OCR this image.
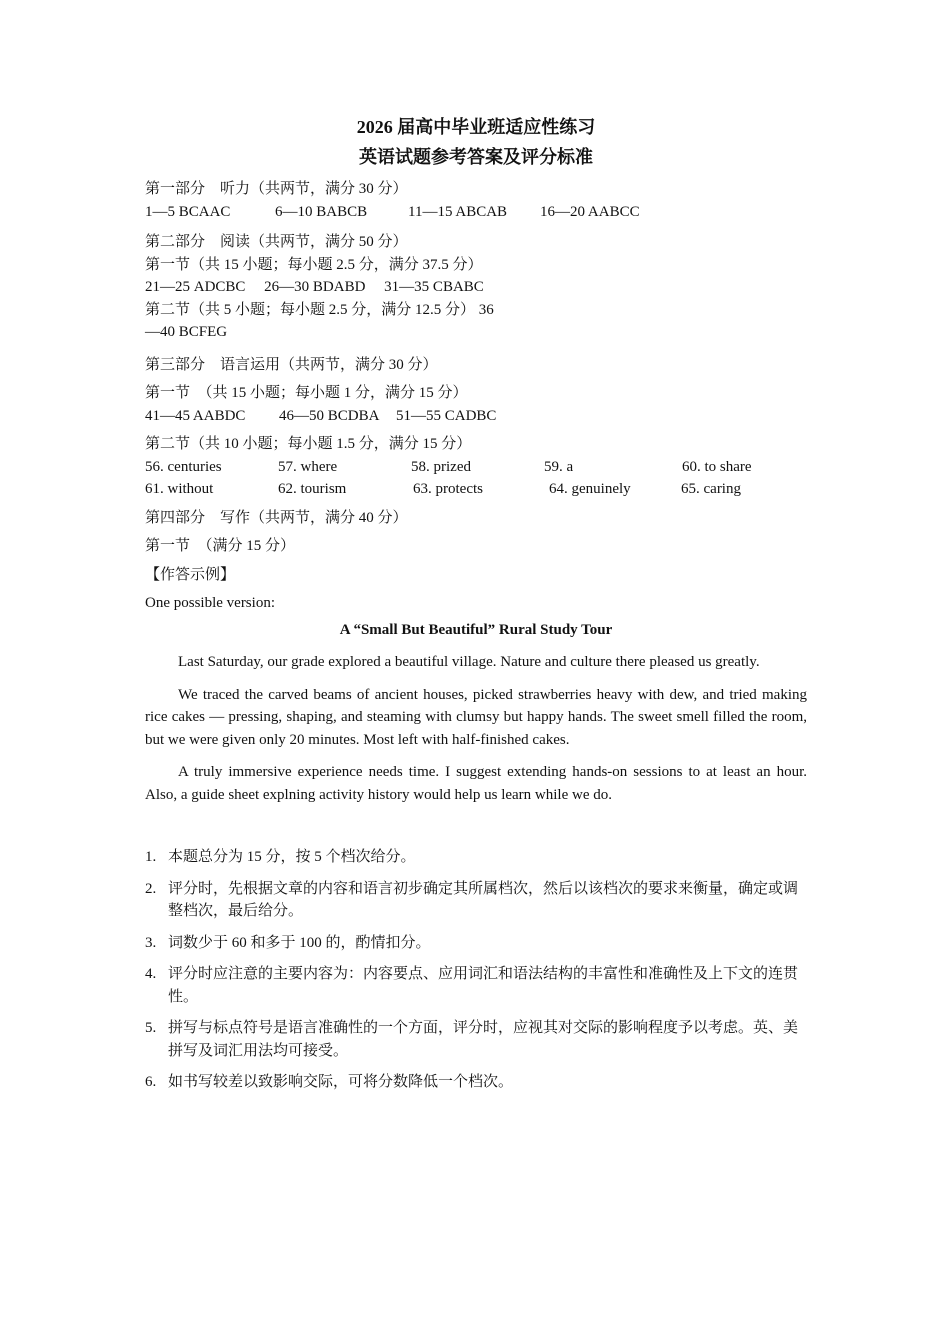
2026 届高中毕业班适应性练习

英语试题参考答案及评分标准

第一部分　听力（共两节，满分 30 分）

1—5 BCAAC	6—10 BABCB	11—15 ABCAB	16—20 AABCC

第二部分　阅读（共两节，满分 50 分）

第一节（共 15 小题；每小题 2.5 分，满分 37.5 分） 21—25 ADCBC　 26—30 BDABD　 31—35 CBABC

第二节（共 5 小题；每小题 2.5 分，满分 12.5 分） 36—40 BCFEG

第三部分　语言运用（共两节，满分 30 分）

第一节　（共 15 小题；每小题 1 分，满分 15 分）

41—45 AABDC	46—50 BCDBA	51—55 CADBC

第二节（共 10 小题；每小题 1.5 分，满分 15 分）

56. centuries	57. where	58. prized	59. a	60. to share
61. without	62. tourism	63. protects	64. genuinely	65. caring

第四部分　写作（共两节，满分 40 分）

第一节　（满分 15 分）

【作答示例】

One possible version:

A “Small But Beautiful” Rural Study Tour

Last Saturday, our grade explored a beautiful village. Nature and culture there pleased us greatly.

We traced the carved beams of ancient houses, picked strawberries heavy with dew, and tried making rice cakes — pressing, shaping, and steaming with clumsy but happy hands. The sweet smell filled the room, but we were given only 20 minutes. Most left with half-finished cakes.

A truly immersive experience needs time. I suggest extending hands-on sessions to at least an hour. Also, a guide sheet explning activity history would help us learn while we do.

1. 本题总分为 15 分，按 5 个档次给分。
2. 评分时，先根据文章的内容和语言初步确定其所属档次，然后以该档次的要求来衡量，确定或调整档次，最后给分。
3. 词数少于 60 和多于 100 的，酌情扣分。
4. 评分时应注意的主要内容为：内容要点、应用词汇和语法结构的丰富性和准确性及上下文的连贯性。
5. 拼写与标点符号是语言准确性的一个方面，评分时，应视其对交际的影响程度予以考虑。英、美拼写及词汇用法均可接受。
6. 如书写较差以致影响交际，可将分数降低一个档次。
